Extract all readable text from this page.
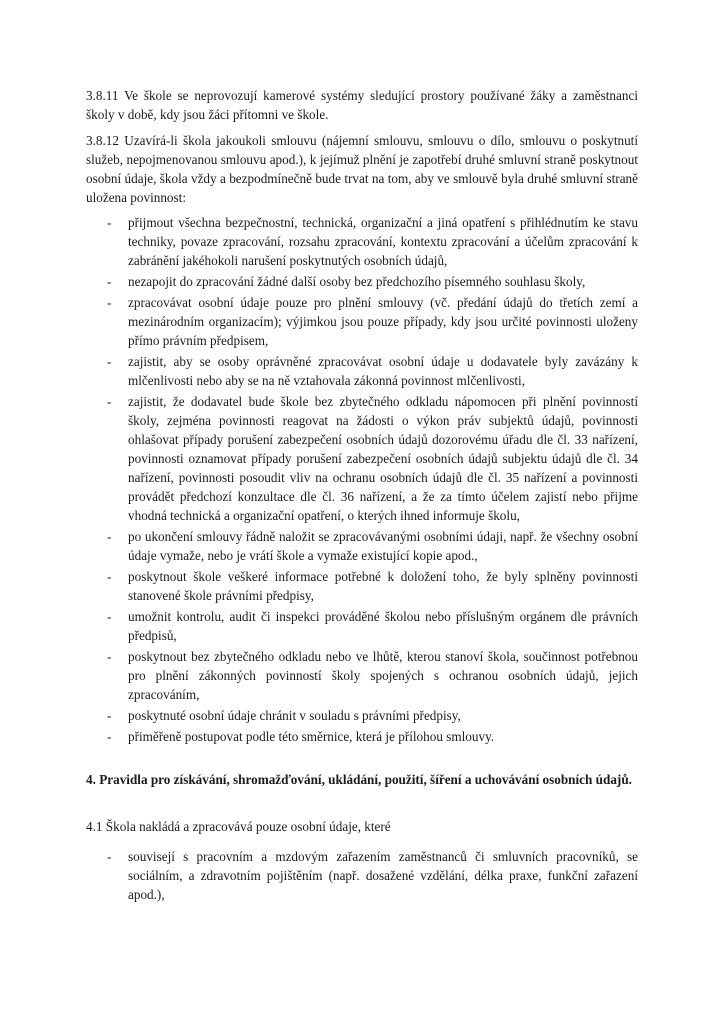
3.8.11 Ve škole se neprovozují kamerové systémy sledující prostory používané žáky a zaměstnanci školy v době, kdy jsou žáci přítomni ve škole.

3.8.12 Uzavírá-li škola jakoukoli smlouvu (nájemní smlouvu, smlouvu o dílo, smlouvu o poskytnutí služeb, nepojmenovanou smlouvu apod.), k jejímuž plnění je zapotřebí druhé smluvní straně poskytnout osobní údaje, škola vždy a bezpodmínečně bude trvat na tom, aby ve smlouvě byla druhé smluvní straně uložena povinnost:

- přijmout všechna bezpečnostní, technická, organizační a jiná opatření s přihlédnutím ke stavu techniky, povaze zpracování, rozsahu zpracování, kontextu zpracování a účelům zpracování k zabránění jakéhokoli narušení poskytnutých osobních údajů,
- nezapojit do zpracování žádné další osoby bez předchozího písemného souhlasu školy,
- zpracovávat osobní údaje pouze pro plnění smlouvy (vč. předání údajů do třetích zemí a mezinárodním organizacím); výjimkou jsou pouze případy, kdy jsou určité povinnosti uloženy přímo právním předpisem,
- zajistit, aby se osoby oprávněné zpracovávat osobní údaje u dodavatele byly zavázány k mlčenlivosti nebo aby se na ně vztahovala zákonná povinnost mlčenlivosti,
- zajistit, že dodavatel bude škole bez zbytečného odkladu nápomocen při plnění povinností školy, zejména povinnosti reagovat na žádosti o výkon práv subjektů údajů, povinnosti ohlašovat případy porušení zabezpečení osobních údajů dozorovému úřadu dle čl. 33 nařízení, povinnosti oznamovat případy porušení zabezpečení osobních údajů subjektu údajů dle čl. 34 nařízení, povinnosti posoudit vliv na ochranu osobních údajů dle čl. 35 nařízení a povinnosti provádět předchozí konzultace dle čl. 36 nařízení, a že za tímto účelem zajistí nebo přijme vhodná technická a organizační opatření, o kterých ihned informuje školu,
- po ukončení smlouvy řádně naložit se zpracovávanými osobními údaji, např. že všechny osobní údaje vymaže, nebo je vrátí škole a vymaže existující kopie apod.,
- poskytnout škole veškeré informace potřebné k doložení toho, že byly splněny povinnosti stanovené škole právními předpisy,
- umožnit kontrolu, audit či inspekci prováděné školou nebo příslušným orgánem dle právních předpisů,
- poskytnout bez zbytečného odkladu nebo ve lhůtě, kterou stanoví škola, součinnost potřebnou pro plnění zákonných povinností školy spojených s ochranou osobních údajů, jejich zpracováním,
- poskytnuté osobní údaje chránit v souladu s právními předpisy,
- přiměřeně postupovat podle této směrnice, která je přílohou smlouvy.

4. Pravidla pro získávání, shromažďování, ukládání, použití, šíření a uchovávání osobních údajů.

4.1 Škola nakládá a zpracovává pouze osobní údaje, které

- souvisejí s pracovním a mzdovým zařazením zaměstnanců či smluvních pracovníků, se sociálním, a zdravotním pojištěním (např. dosažené vzdělání, délka praxe, funkční zařazení apod.),
